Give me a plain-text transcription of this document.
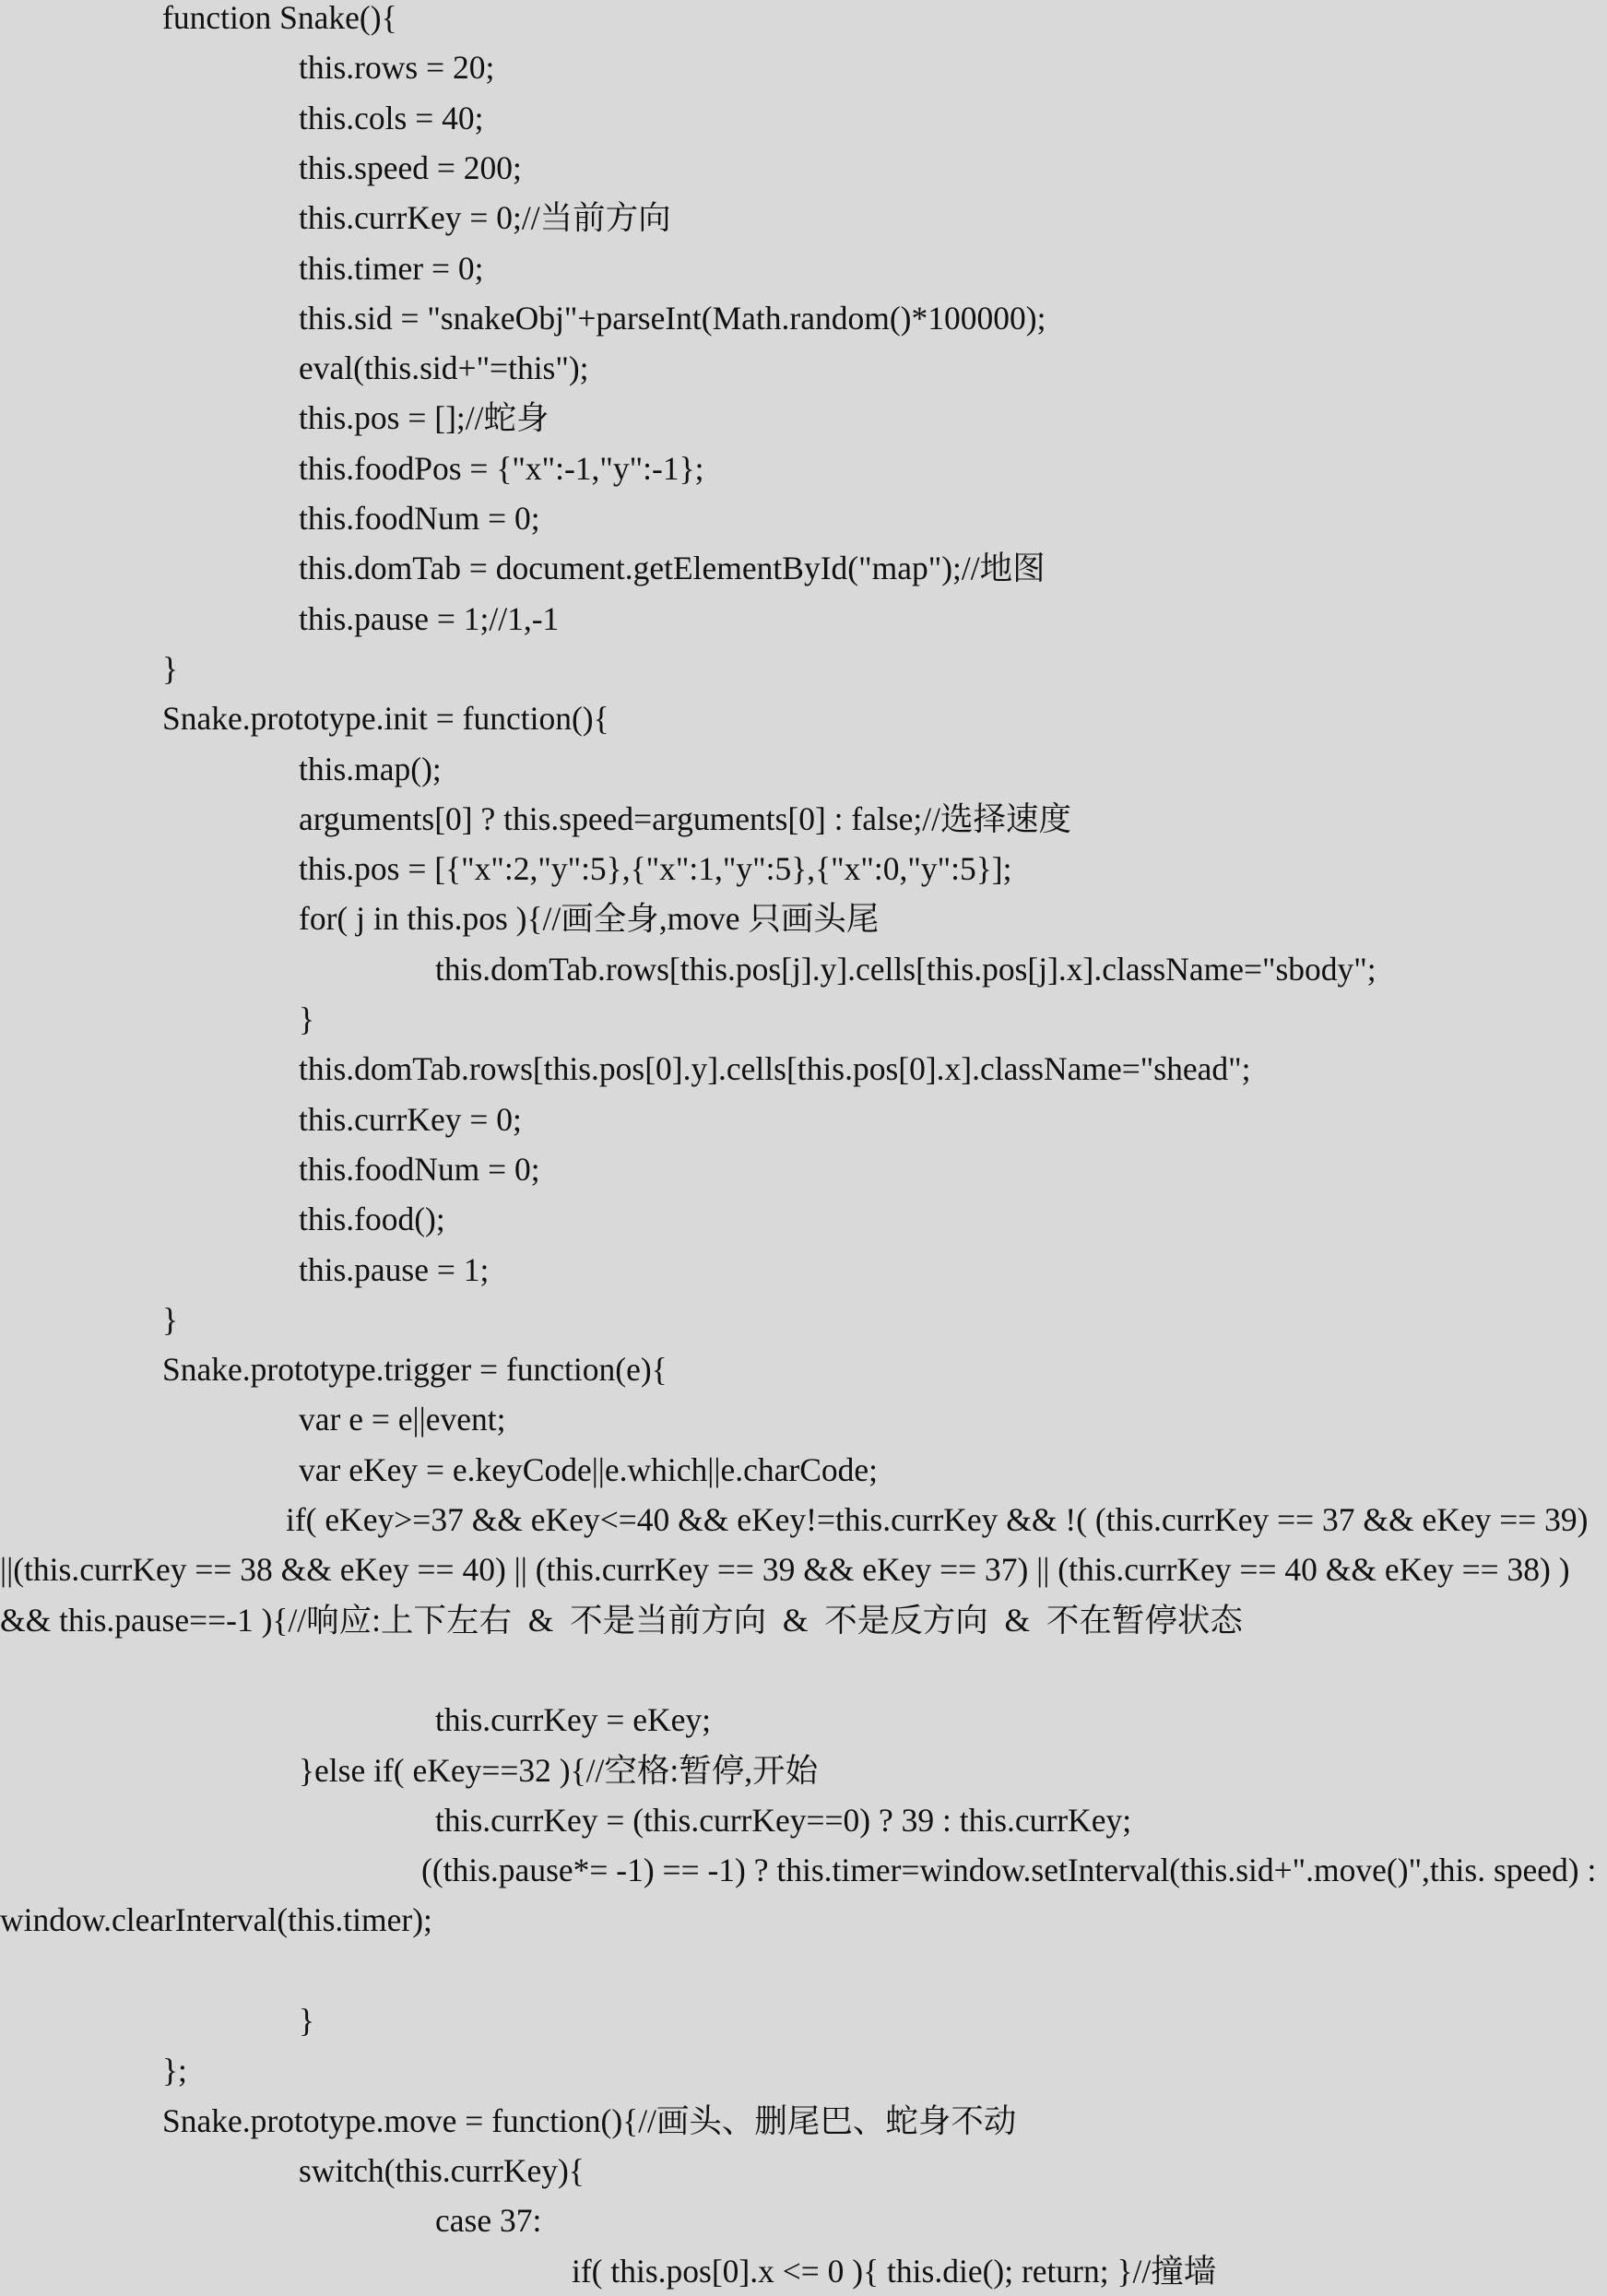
function Snake(){
this.rows = 20;
this.cols = 40;
this.speed = 200;
this.currKey = 0;//当前方向
this.timer = 0;
this.sid = "snakeObj"+parseInt(Math.random()*100000);
eval(this.sid+"=this");
this.pos = [];//蛇身
this.foodPos = {"x":-1,"y":-1};
this.foodNum = 0;
this.domTab = document.getElementById("map");//地图
this.pause = 1;//1,-1
}
Snake.prototype.init = function(){
this.map();
arguments[0] ? this.speed=arguments[0] : false;//选择速度
this.pos = [{"x":2,"y":5},{"x":1,"y":5},{"x":0,"y":5}];
for( j in this.pos ){//画全身,move 只画头尾
this.domTab.rows[this.pos[j].y].cells[this.pos[j].x].className="sbody";
}
this.domTab.rows[this.pos[0].y].cells[this.pos[0].x].className="shead";
this.currKey = 0;
this.foodNum = 0;
this.food();
this.pause = 1;
}
Snake.prototype.trigger = function(e){
var e = e||event;
var eKey = e.keyCode||e.which||e.charCode;
if( eKey>=37 && eKey<=40 && eKey!=this.currKey && !( (this.currKey == 37 && eKey == 39)
||(this.currKey == 38 && eKey == 40) || (this.currKey == 39 && eKey == 37) || (this.currKey == 40 && eKey == 38) )
&& this.pause==-1 ){//响应:上下左右  &  不是当前方向  &  不是反方向  &  不在暂停状态
this.currKey = eKey;
}else if( eKey==32 ){//空格:暂停,开始
this.currKey = (this.currKey==0) ? 39 : this.currKey;
((this.pause*= -1) == -1) ? this.timer=window.setInterval(this.sid+".move()",this. speed) :
window.clearInterval(this.timer);
}
};
Snake.prototype.move = function(){//画头、删尾巴、蛇身不动
switch(this.currKey){
case 37:
if( this.pos[0].x <= 0 ){ this.die(); return; }//撞墙
